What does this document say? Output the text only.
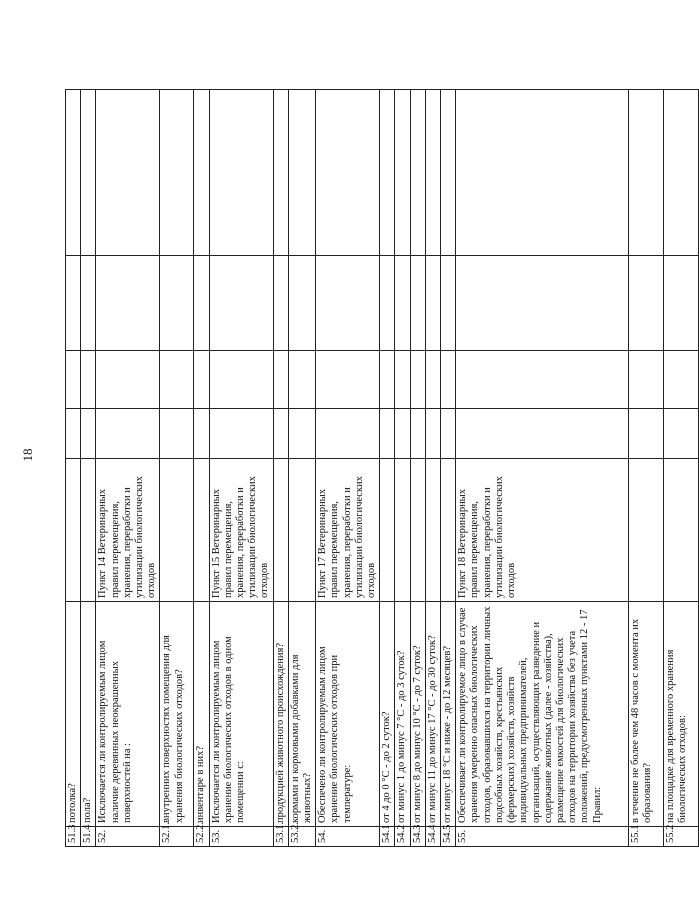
18
51.3	потолка?					
51.4	пола?					
52.	Исключается ли контролируемым лицом наличие деревянных неокрашенных поверхностей на :	Пункт 14 Ветеринарных правил перемещения, хранения, переработки и утилизации биологических отходов				
52.1.	внутренних поверхностях помещения для хранения биологических отходов?					
52.2.	инвентаре в них?					
53.	Исключается ли контролируемым лицом хранение биологических отходов в одном помещении с:	Пункт 15 Ветеринарных правил перемещения, хранения, переработки и утилизации биологических отходов				
53.1.	продукцией животного происхождения?					
53.2.	кормами и кормовыми добавками для животных?					
54.	Обеспечено ли контролируемым лицом хранение биологических отходов при температуре:	Пункт 17 Ветеринарных правил перемещения, хранения, переработки и утилизации биологических отходов				
54.1	от 4 до 0 °С - до 2 суток?					
54.2	от минус 1 до минус 7 °С - до 3 суток?					
54.3	от минус 8 до минус 10 °С - до 7 суток?					
54.4	от минус 11 до минус 17 °С - до 30 суток?					
54.5	от минус 18 °С и ниже - до 12 месяцев?					
55.	Обеспечивает ли контролируемое лицо в случае хранения умеренно опасных биологических отходов, образовавшихся на территории личных подсобных хозяйств, крестьянских (фермерских) хозяйств, хозяйств индивидуальных предпринимателей, организаций, осуществляющих разведение и содержание животных (далее - хозяйства), размещение емкостей для биологических отходов на территории хозяйства без учета положений, предусмотренных пунктами 12 - 17 Правил:	Пункт 18 Ветеринарных правил перемещения, хранения, переработки и утилизации биологических отходов				
55.1	в течение не более чем 48 часов с момента их образования?					
55.2	на площадке для временного хранения биологических отходов:					
